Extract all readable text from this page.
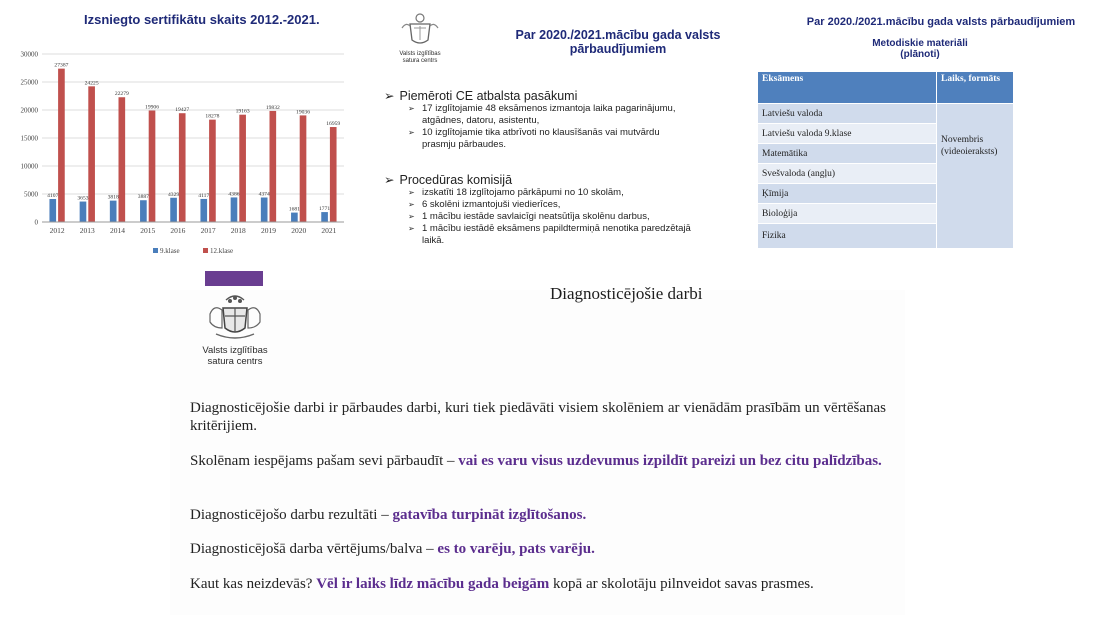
Izsniegto sertifikātu skaits 2012.-2021.
0
5000
10000
15000
20000
25000
30000
4107
27387
2012
3653
24225
2013
3818
22279
2014
3887
19906
2015
4329
19427
2016
4117
18278
2017
4386
19163
2018
4374
19832
2019
1681
19036
2020
1771
16959
2021
9.klase	12.klase
Valsts izglītības
satura centrs
Par 2020./2021.mācību gada valsts pārbaudījumiem
➢ Piemēroti CE atbalsta pasākumi
➢ 17 izglītojamie 48 eksāmenos izmantoja laika pagarinājumu,
atgādnes, datoru, asistentu,
➢ 10 izglītojamie tika atbrīvoti no klausīšanās vai mutvārdu
prasmju pārbaudes.
➢ Procedūras komisijā
➢ izskatīti 18 izglītojamo pārkāpumi no 10 skolām,
➢ 6 skolēni izmantojuši viedierīces,
➢ 1 mācību iestāde savlaicīgi neatsūtīja skolēnu darbus,
➢ 1 mācību iestādē eksāmens papildtermiņā nenotika paredzētajā
laikā.
Par 2020./2021.mācību gada valsts pārbaudījumiem
Metodiskie materiāli
(plānoti)
Eksāmens	Laiks, formāts
Latviešu valoda	Novembris
(videoieraksts)

Latviešu valoda 9.klase	
Matemātika	
Svešvaloda (angļu)	
Ķīmija	
Bioloģija	
Fizika	
Valsts izglītības
satura centrs
Diagnosticējošie darbi
Diagnosticējošie darbi ir pārbaudes darbi, kuri tiek piedāvāti visiem skolēniem ar vienādām prasībām un vērtēšanas kritērijiem.
Skolēnam iespējams pašam sevi pārbaudīt – vai es varu visus uzdevumus izpildīt pareizi un bez citu palīdzības.
Diagnosticējošo darbu rezultāti – gatavība turpināt izglītošanos.
Diagnosticējošā darba vērtējums/balva – es to varēju, pats varēju.
Kaut kas neizdevās? Vēl ir laiks līdz mācību gada beigām kopā ar skolotāju pilnveidot savas prasmes.
